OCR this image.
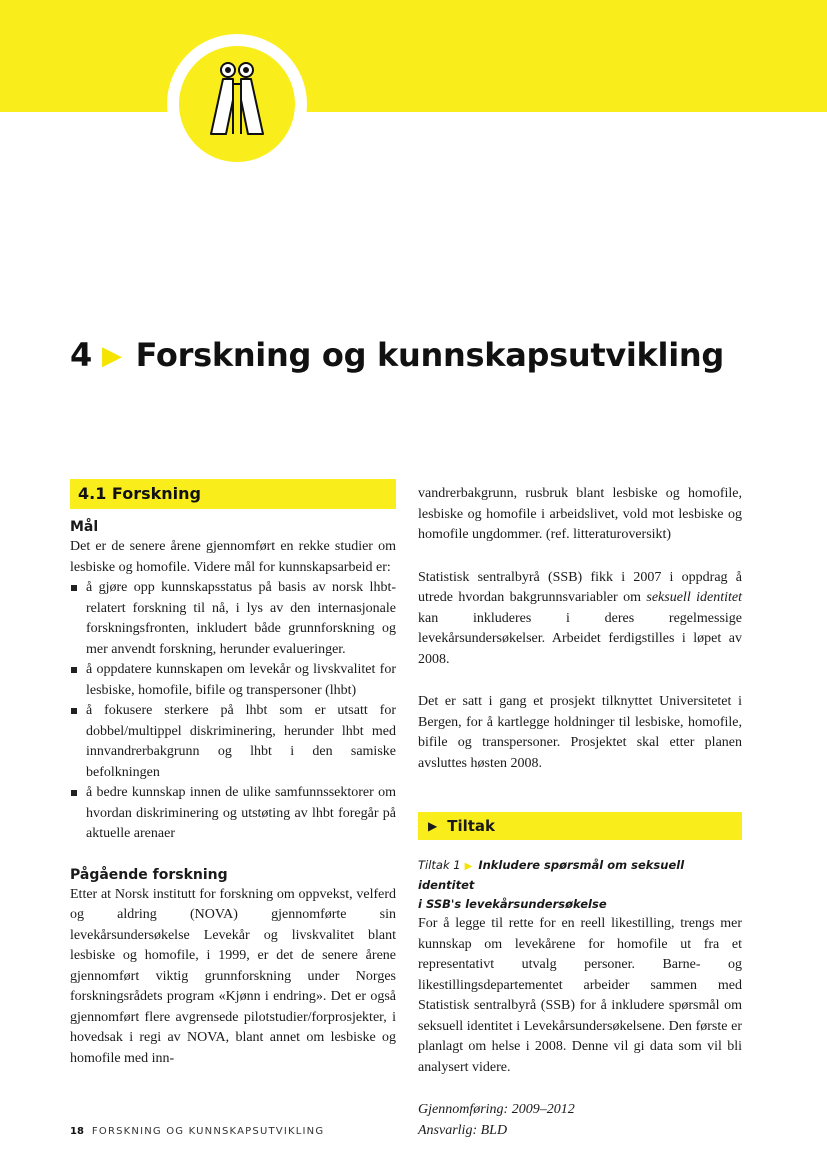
4 ▶ Forskning og kunnskapsutvikling
4.1 Forskning
Mål

Det er de senere årene gjennomført en rekke studier om lesbiske og homofile. Videre mål for kunnskapsarbeid er:

å gjøre opp kunnskapsstatus på basis av norsk lhbt-relatert forskning til nå, i lys av den internasjonale forskningsfronten, inkludert både grunnforskning og mer anvendt forskning, herunder evalueringer.
å oppdatere kunnskapen om levekår og livskvalitet for lesbiske, homofile, bifile og transpersoner (lhbt)
å fokusere sterkere på lhbt som er utsatt for dobbel/multippel diskriminering, herunder lhbt med innvandrerbakgrunn og lhbt i den samiske befolkningen
å bedre kunnskap innen de ulike samfunnssektorer om hvordan diskriminering og utstøting av lhbt foregår på aktuelle arenaer
Pågående forskning

Etter at Norsk institutt for forskning om oppvekst, velferd og aldring (NOVA) gjennomførte sin levekårsundersøkelse Levekår og livskvalitet blant lesbiske og homofile, i 1999, er det de senere årene gjennomført viktig grunnforskning under Norges forskningsrådets program «Kjønn i endring». Det er også gjennomført flere avgrensede pilotstudier/forprosjekter, i hovedsak i regi av NOVA, blant annet om lesbiske og homofile med inn-

vandrerbakgrunn, rusbruk blant lesbiske og homofile, lesbiske og homofile i arbeidslivet, vold mot lesbiske og homofile ungdommer. (ref. litteraturoversikt)

Statistisk sentralbyrå (SSB) fikk i 2007 i oppdrag å utrede hvordan bakgrunnsvariabler om seksuell identitet kan inkluderes i deres regelmessige levekårsundersøkelser. Arbeidet ferdigstilles i løpet av 2008.

Det er satt i gang et prosjekt tilknyttet Universitetet i Bergen, for å kartlegge holdninger til lesbiske, homofile, bifile og transpersoner. Prosjektet skal etter planen avsluttes høsten 2008.

▶ Tiltak
Tiltak 1 ▶ Inkludere spørsmål om seksuell identitet
i SSB's levekårsundersøkelse

For å legge til rette for en reell likestilling, trengs mer kunnskap om levekårene for homofile ut fra et representativt utvalg personer. Barne- og likestillingsdepartementet arbeider sammen med Statistisk sentralbyrå (SSB) for å inkludere spørsmål om seksuell identitet i Levekårsundersøkelsene. Den første er planlagt om helse i 2008. Denne vil gi data som vil bli analysert videre.

Gjennomføring: 2009–2012

Ansvarlig: BLD

18 FORSKNING OG KUNNSKAPSUTVIKLING
